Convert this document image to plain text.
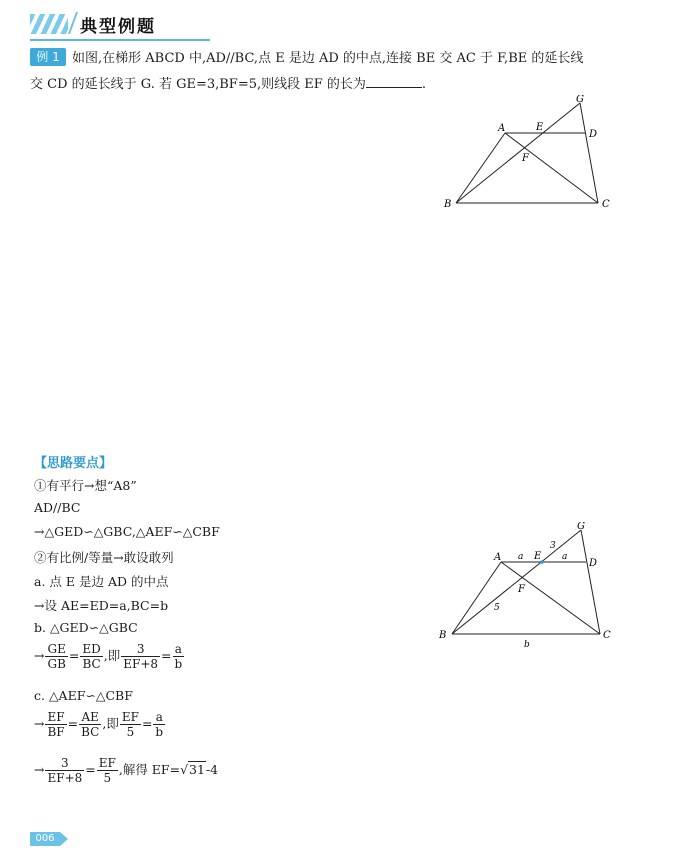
典型例题
例 1 如图,在梯形 ABCD 中,AD//BC,点 E 是边 AD 的中点,连接 BE 交 AC 于 F,BE 的延长线
交 CD 的延长线于 G. 若 GE=3,BF=5,则线段 EF 的长为	.
A	E
D
G
F
B	C
【思路要点】
①有平行→想“A8”
AD//BC
→△GED∽△GBC,△AEF∽△CBF
②有比例/等量→敢设敢列
a. 点 E 是边 AD 的中点
→设 AE=ED=a,BC=b
b. △GED∽△GBC
→ $\frac{GE}{GB} = \frac{ED}{BC}$ ,即 $\frac{3}{EF+8} = \frac{a}{b}$
c. △AEF∽△CBF
→ $\frac{EF}{BF} = \frac{AE}{BC}$ ,即 $\frac{EF}{5} = \frac{a}{b}$
→ $\frac{3}{EF+8} = \frac{EF}{5}$ ,解得 EF=√31-4
A a E a
3
D
G
F
5
B
b
C
006
